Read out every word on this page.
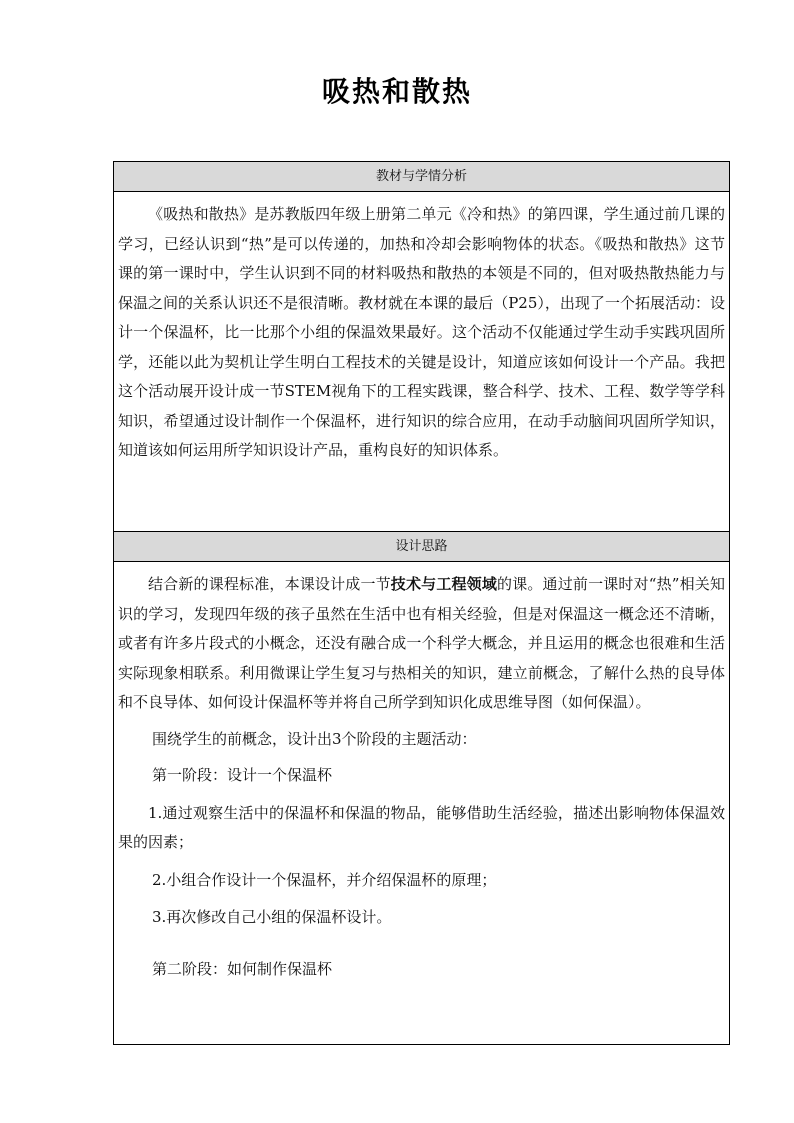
吸热和散热
教材与学情分析

《吸热和散热》是苏教版四年级上册第二单元《冷和热》的第四课，学生通过前几课的学习，已经认识到“热”是可以传递的，加热和冷却会影响物体的状态。《吸热和散热》这节课的第一课时中，学生认识到不同的材料吸热和散热的本领是不同的，但对吸热散热能力与保温之间的关系认识还不是很清晰。教材就在本课的最后（P25），出现了一个拓展活动：设计一个保温杯，比一比那个小组的保温效果最好。这个活动不仅能通过学生动手实践巩固所学，还能以此为契机让学生明白工程技术的关键是设计，知道应该如何设计一个产品。我把这个活动展开设计成一节STEM视角下的工程实践课，整合科学、技术、工程、数学等学科知识，希望通过设计制作一个保温杯，进行知识的综合应用，在动手动脑间巩固所学知识，知道该如何运用所学知识设计产品，重构良好的知识体系。

设计思路

结合新的课程标准，本课设计成一节技术与工程领域的课。通过前一课时对“热”相关知识的学习，发现四年级的孩子虽然在生活中也有相关经验，但是对保温这一概念还不清晰，或者有许多片段式的小概念，还没有融合成一个科学大概念，并且运用的概念也很难和生活实际现象相联系。利用微课让学生复习与热相关的知识，建立前概念，了解什么热的良导体和不良导体、如何设计保温杯等并将自己所学到知识化成思维导图（如何保温）。

围绕学生的前概念，设计出3个阶段的主题活动：

第一阶段：设计一个保温杯

1.通过观察生活中的保温杯和保温的物品，能够借助生活经验，描述出影响物体保温效果的因素；

2.小组合作设计一个保温杯，并介绍保温杯的原理；

3.再次修改自己小组的保温杯设计。

第二阶段：如何制作保温杯
